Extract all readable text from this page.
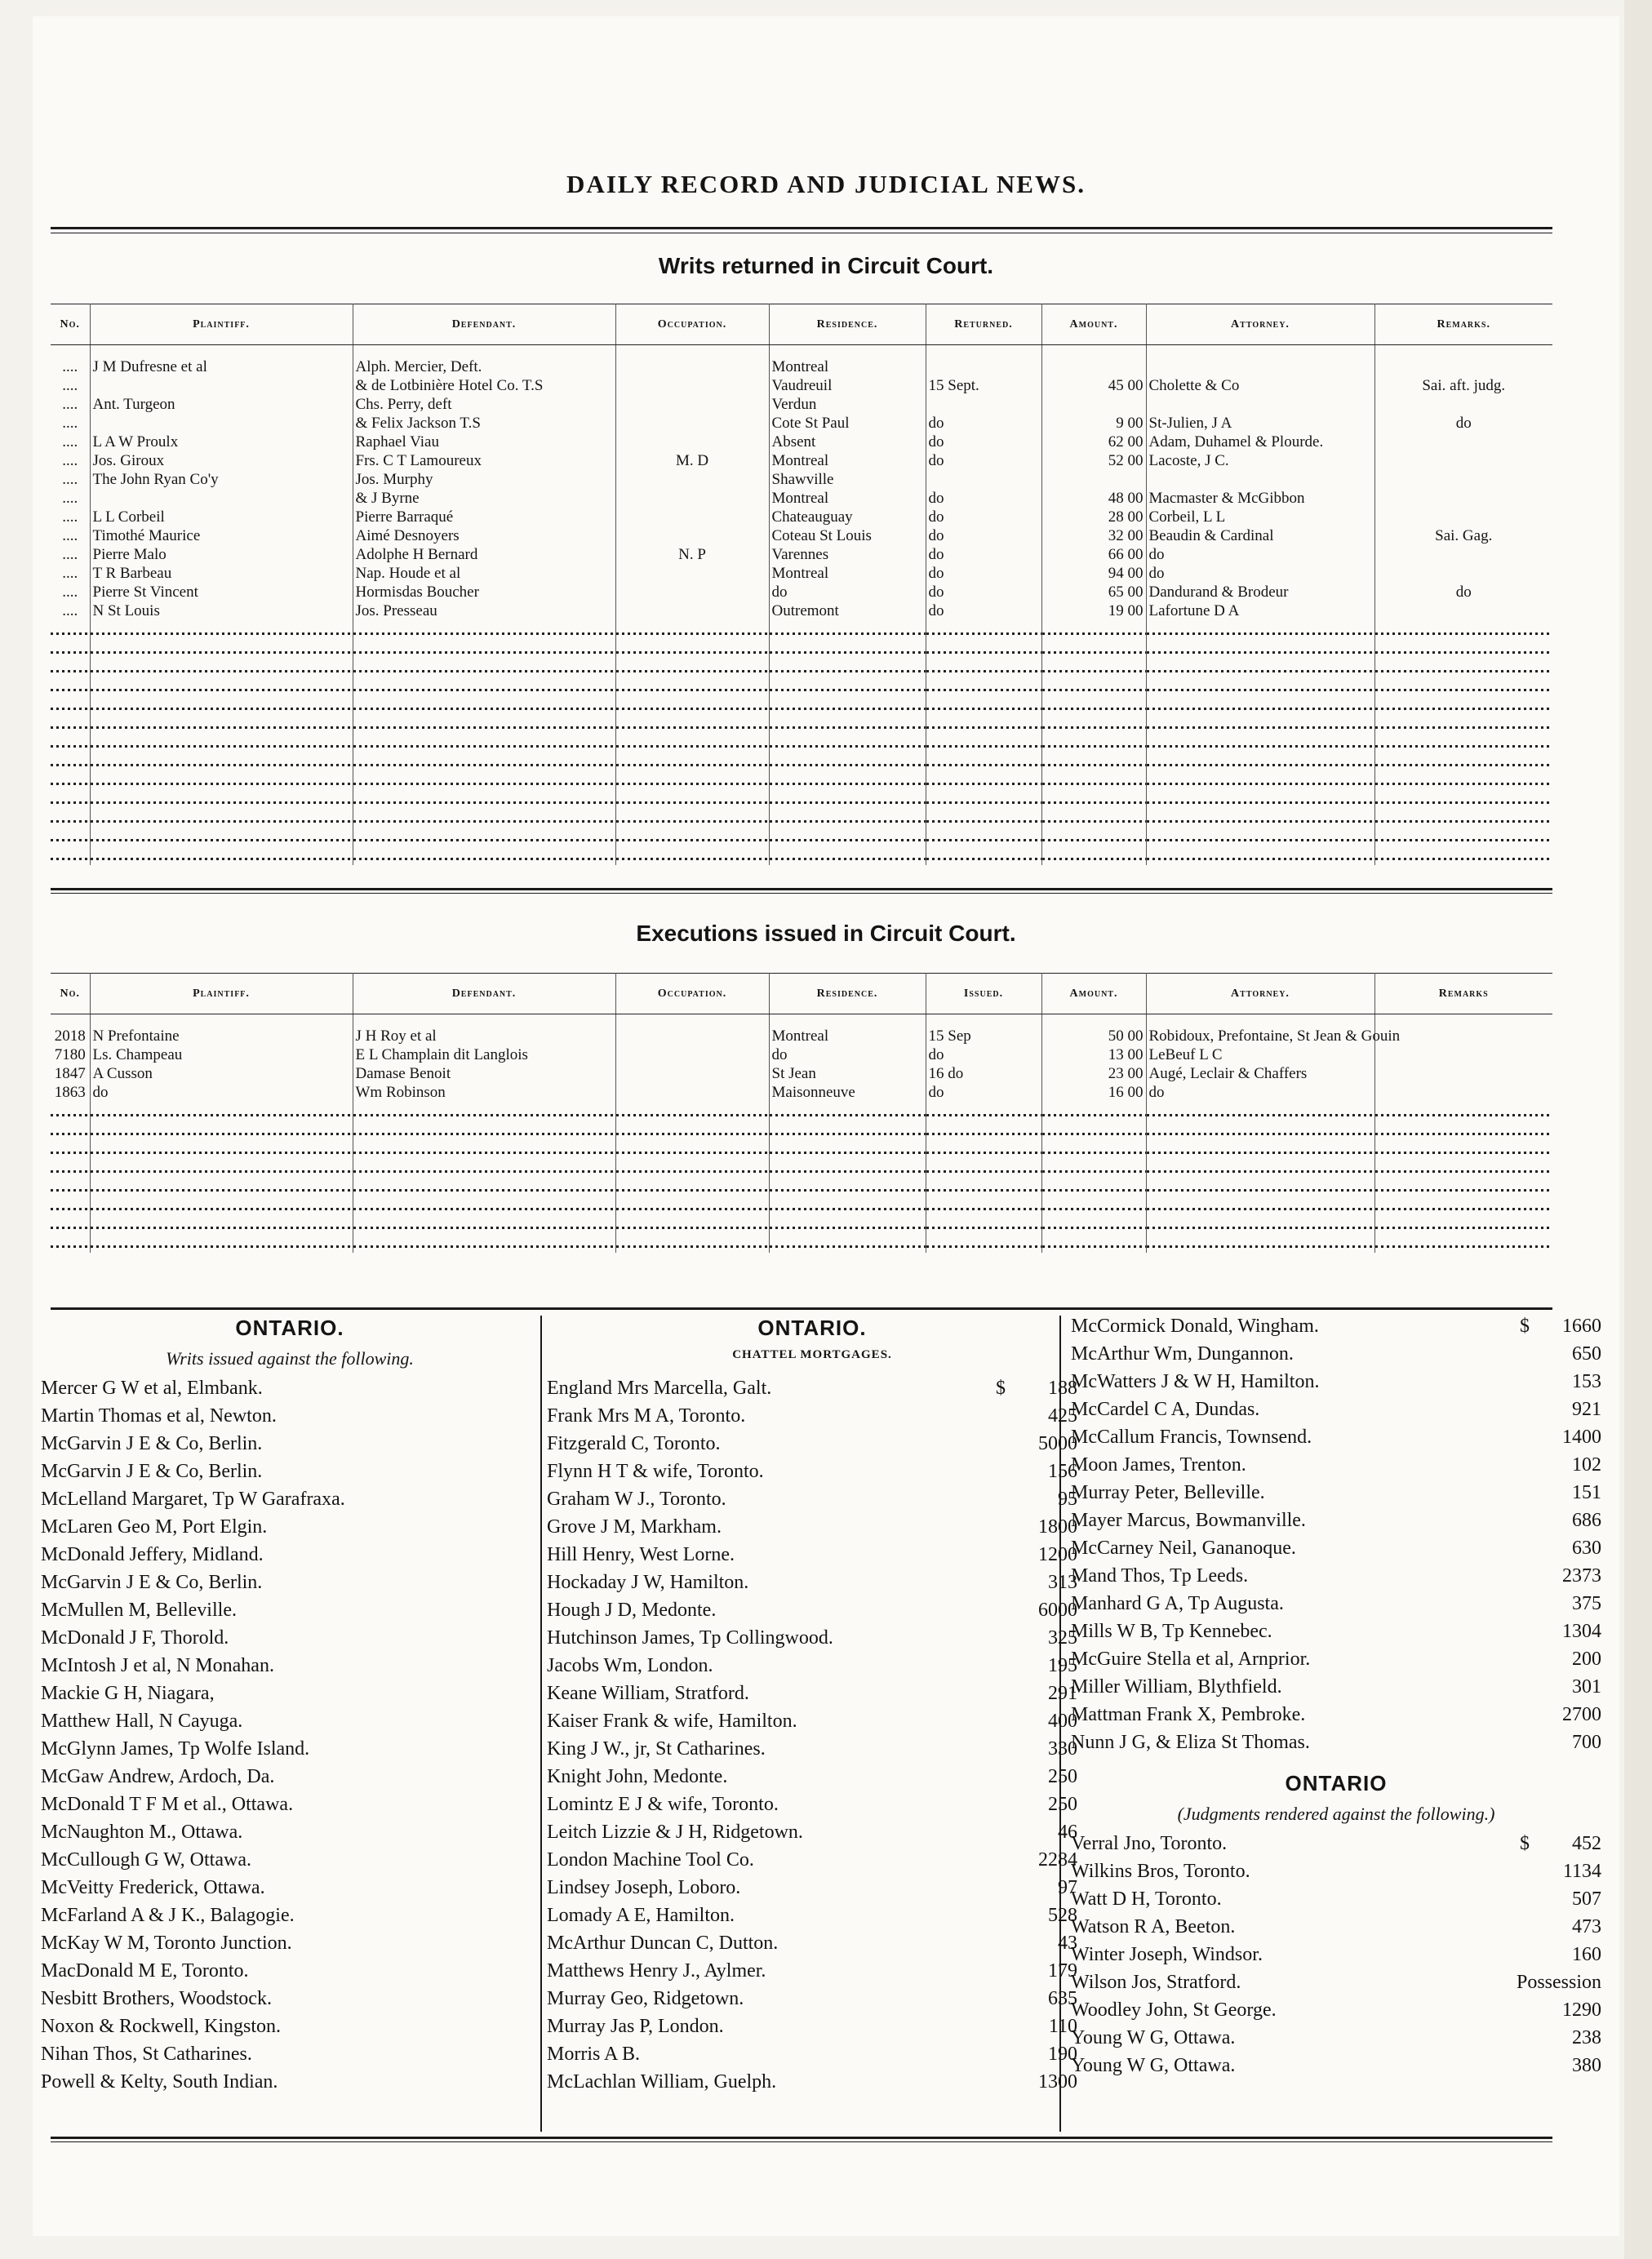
DAILY RECORD AND JUDICIAL NEWS.
Writs returned in Circuit Court.
No.	Plaintiff.	Defendant.	Occupation.	Residence.	Returned.	Amount.	Attorney.	Remarks.

....	J M Dufresne et al	Alph. Mercier, Deft.		Montreal				
....		& de Lotbinière Hotel Co. T.S		Vaudreuil	15 Sept.	45 00	Cholette & Co	Sai. aft. judg.
....	Ant. Turgeon	Chs. Perry, deft		Verdun				
....		& Felix Jackson T.S		Cote St Paul	do	9 00	St-Julien, J A	do
....	L A W Proulx	Raphael Viau		Absent	do	62 00	Adam, Duhamel & Plourde.	
....	Jos. Giroux	Frs. C T Lamoureux	M. D	Montreal	do	52 00	Lacoste, J C.	
....	The John Ryan Co'y	Jos. Murphy		Shawville				
....		& J Byrne		Montreal	do	48 00	Macmaster & McGibbon	
....	L L Corbeil	Pierre Barraqué		Chateauguay	do	28 00	Corbeil, L L	
....	Timothé Maurice	Aimé Desnoyers		Coteau St Louis	do	32 00	Beaudin & Cardinal	Sai. Gag.
....	Pierre Malo	Adolphe H Bernard	N. P	Varennes	do	66 00	do	
....	T R Barbeau	Nap. Houde et al		Montreal	do	94 00	do	
....	Pierre St Vincent	Hormisdas Boucher		do	do	65 00	Dandurand & Brodeur	do
....	N St Louis	Jos. Presseau		Outremont	do	19 00	Lafortune D A	

Executions issued in Circuit Court.
No.	Plaintiff.	Defendant.	Occupation.	Residence.	Issued.	Amount.	Attorney.	Remarks

2018	N Prefontaine	J H Roy et al		Montreal	15 Sep	50 00	Robidoux, Prefontaine, St Jean & Gouin	
7180	Ls. Champeau	E L Champlain dit Langlois		do	do	13 00	LeBeuf L C	
1847	A Cusson	Damase Benoit		St Jean	16 do	23 00	Augé, Leclair & Chaffers	
1863	do	Wm Robinson		Maisonneuve	do	16 00	do	

ONTARIO.
Writs issued against the following.
Mercer G W et al, Elmbank.
Martin Thomas et al, Newton.
McGarvin J E & Co, Berlin.
McGarvin J E & Co, Berlin.
McLelland Margaret, Tp W Garafraxa.
McLaren Geo M, Port Elgin.
McDonald Jeffery, Midland.
McGarvin J E & Co, Berlin.
McMullen M, Belleville.
McDonald J F, Thorold.
McIntosh J et al, N Monahan.
Mackie G H, Niagara,
Matthew Hall, N Cayuga.
McGlynn James, Tp Wolfe Island.
McGaw Andrew, Ardoch, Da.
McDonald T F M et al., Ottawa.
McNaughton M., Ottawa.
McCullough G W, Ottawa.
McVeitty Frederick, Ottawa.
McFarland A & J K., Balagogie.
McKay W M, Toronto Junction.
MacDonald M E, Toronto.
Nesbitt Brothers, Woodstock.
Noxon & Rockwell, Kingston.
Nihan Thos, St Catharines.
Powell & Kelty, South Indian.
ONTARIO.
CHATTEL MORTGAGES.
England Mrs Marcella, Galt.	$	188
Frank Mrs M A, Toronto.	425
Fitzgerald C, Toronto.	5000
Flynn H T & wife, Toronto.	156
Graham W J., Toronto.	95
Grove J M, Markham.	1800
Hill Henry, West Lorne.	1200
Hockaday J W, Hamilton.	313
Hough J D, Medonte.	6000
Hutchinson James, Tp Collingwood.	325
Jacobs Wm, London.	195
Keane William, Stratford.	291
Kaiser Frank & wife, Hamilton.	400
King J W., jr, St Catharines.	330
Knight John, Medonte.	250
Lomintz E J & wife, Toronto.	250
Leitch Lizzie & J H, Ridgetown.	46
London Machine Tool Co.	2284
Lindsey Joseph, Loboro.	97
Lomady A E, Hamilton.	528
McArthur Duncan C, Dutton.	43
Matthews Henry J., Aylmer.	179
Murray Geo, Ridgetown.	635
Murray Jas P, London.	110
Morris A B.	190
McLachlan William, Guelph.	1300
McCormick Donald, Wingham.	$	1660
McArthur Wm, Dungannon.	650
McWatters J & W H, Hamilton.	153
McCardel C A, Dundas.	921
McCallum Francis, Townsend.	1400
Moon James, Trenton.	102
Murray Peter, Belleville.	151
Mayer Marcus, Bowmanville.	686
McCarney Neil, Gananoque.	630
Mand Thos, Tp Leeds.	2373
Manhard G A, Tp Augusta.	375
Mills W B, Tp Kennebec.	1304
McGuire Stella et al, Arnprior.	200
Miller William, Blythfield.	301
Mattman Frank X, Pembroke.	2700
Nunn J G, & Eliza St Thomas.	700
ONTARIO
(Judgments rendered against the following.)
Verral Jno, Toronto.	$	452
Wilkins Bros, Toronto.	1134
Watt D H, Toronto.	507
Watson R A, Beeton.	473
Winter Joseph, Windsor.	160
Wilson Jos, Stratford.	Possession
Woodley John, St George.	1290
Young W G, Ottawa.	238
Young W G, Ottawa.	380
